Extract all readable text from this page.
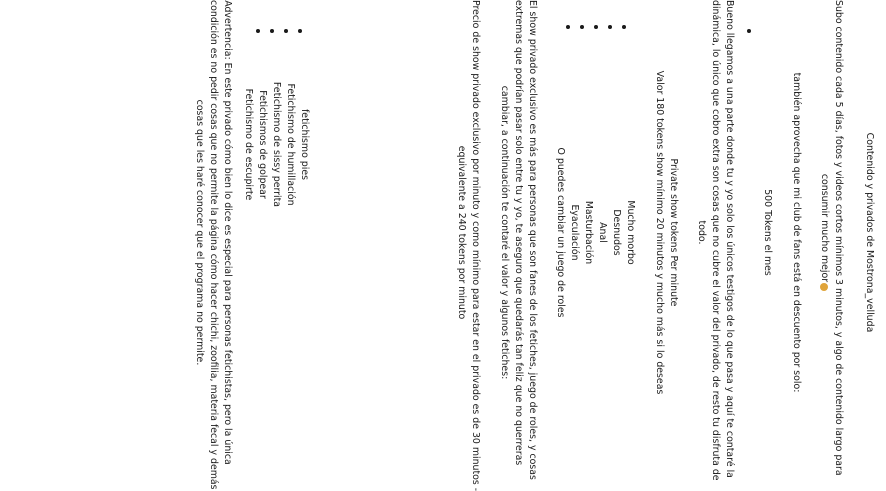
Contenido y privados de Mostrona_velluda
Subo contenido cada 5 días, fotos y videos cortos mínimos 3 minutos, y algo de contenido largo para
consumir mucho mejor
también aprovecha que mi club de fans está en descuento por solo:
500 Tokens el mes
Bueno llegamos a una parte donde tu y yo solo los únicos testigos de lo que pasa y aquí te contaré la
dinámica, lo único que cobro extra son cosas que no cubre el valor del privado, de resto tu disfruta de
todo.
Private show tokens Per minute
Valor 180 tokens show mínimo 20 minutos y mucho más si lo deseas
Mucho morbo
Desnudos
Anal
Masturbación
Eyaculación
O puedes cambiar un juego de roles
El show privado exclusivo es más para personas que son fanes de los fetiches, juego de roles, y cosas
extremas que podrían pasar solo entre tu y yo, te aseguro que quedarás tan feliz que no querreras
cambiar, a continuación te contaré el valor y algunos fetiches:
Precio de show privado exclusivo por minuto y como mínimo para estar en el privado es de 30 minutos -
equivalente a 240 tokens por minuto
fetichismo pies
Fetichismo de humillación
Fetichismo de sissy perrita
Fetichismos de golpear
Fetichismo de escupirte
Advertencia: En este privado cómo bien lo dice es especial para personas fetichistas, pero la única
condición es no pedir cosas que no permite la página cómo hacer chichi, zoofilia, materia fecal y demás
cosas que les haré conocer que el programa no permite.
